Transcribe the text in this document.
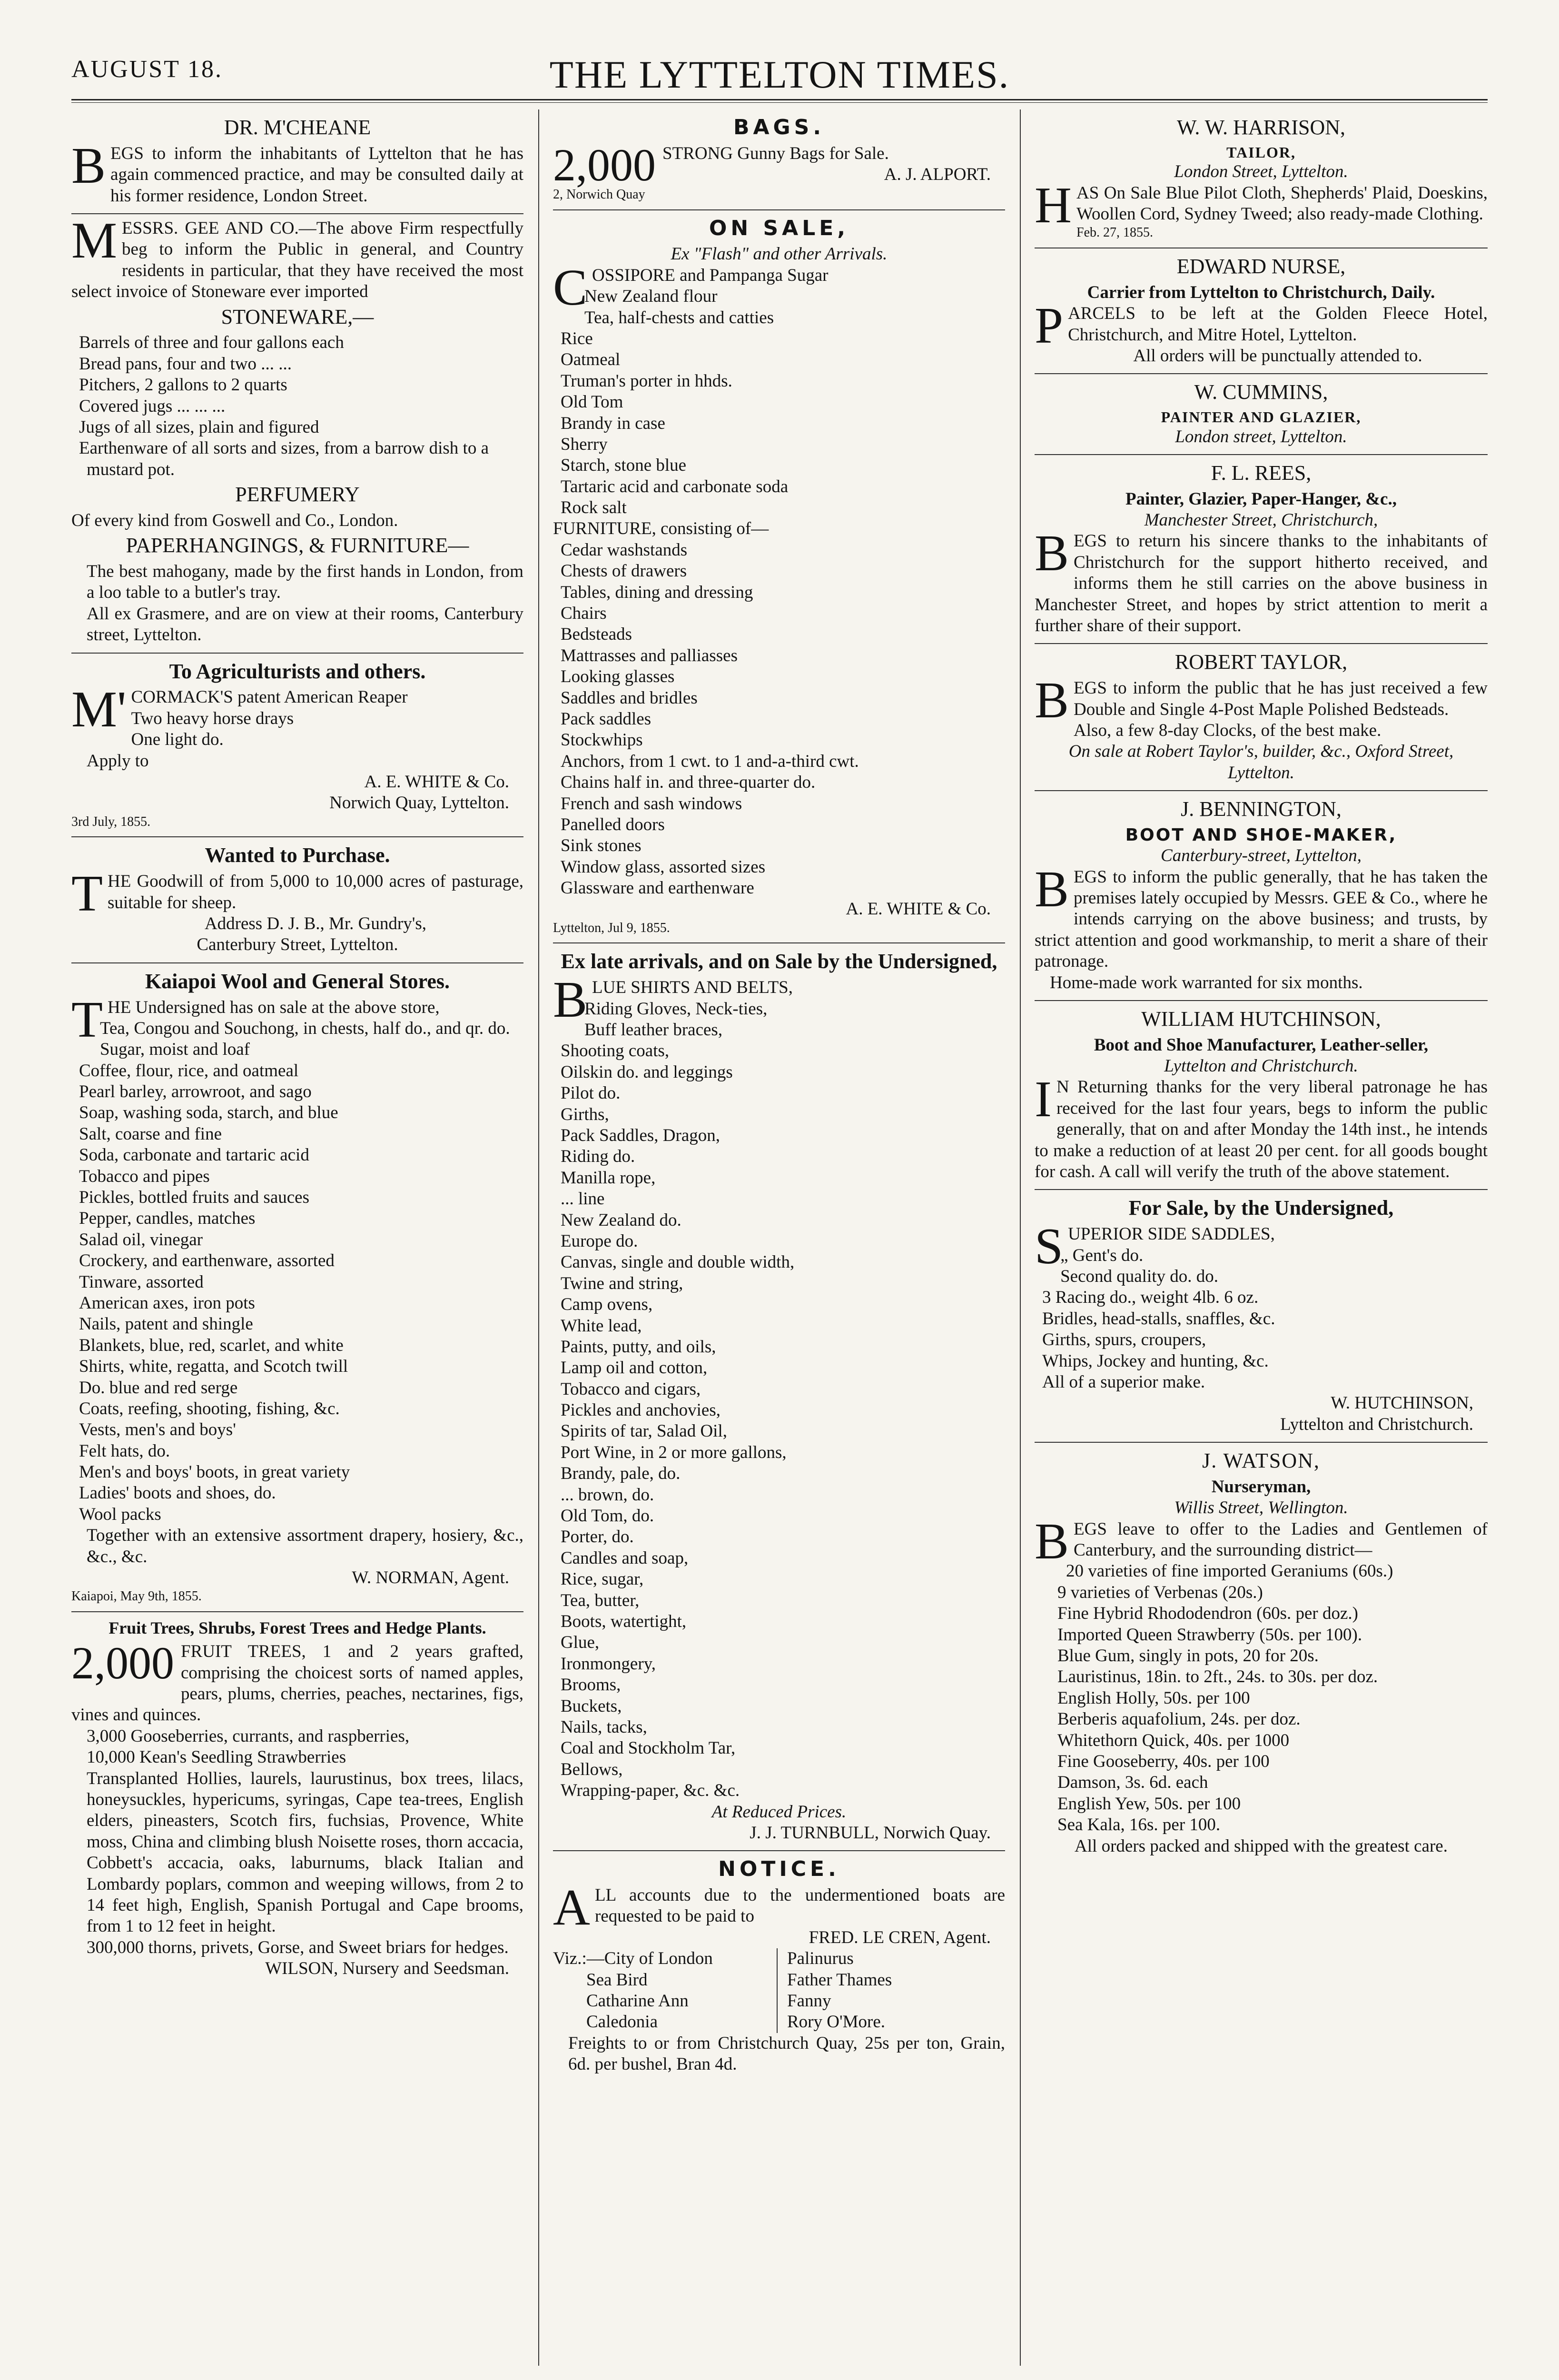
AUGUST 18.	THE LYTTELTON TIMES.
DR. M'CHEANE

BEGS to inform the inhabitants of Lyttelton that he has again commenced practice, and may be consulted daily at his former residence, London Street.

MESSRS. GEE AND CO.—The above Firm respectfully beg to inform the Public in general, and Country residents in particular, that they have received the most select invoice of Stoneware ever imported

STONEWARE,—
Barrels of three and four gallons each
Bread pans, four and two ... ...
Pitchers, 2 gallons to 2 quarts
Covered jugs ... ... ...
Jugs of all sizes, plain and figured
Earthenware of all sorts and sizes, from a barrow dish to a mustard pot.
PERFUMERY

Of every kind from Goswell and Co., London.

PAPERHANGINGS, & FURNITURE—

The best mahogany, made by the first hands in London, from a loo table to a butler's tray.

All ex Grasmere, and are on view at their rooms, Canterbury street, Lyttelton.

To Agriculturists and others.

M'CORMACK'S patent American Reaper

Two heavy horse drays

One light do.

Apply to

A. E. WHITE & Co.
Norwich Quay, Lyttelton.
3rd July, 1855.
Wanted to Purchase.

THE Goodwill of from 5,000 to 10,000 acres of pasturage, suitable for sheep.

Address D. J. B., Mr. Gundry's,
Canterbury Street, Lyttelton.
Kaiapoi Wool and General Stores.

THE Undersigned has on sale at the above store,

Tea, Congou and Souchong, in chests, half do., and qr. do.
Sugar, moist and loaf
Coffee, flour, rice, and oatmeal
Pearl barley, arrowroot, and sago
Soap, washing soda, starch, and blue
Salt, coarse and fine
Soda, carbonate and tartaric acid
Tobacco and pipes
Pickles, bottled fruits and sauces
Pepper, candles, matches
Salad oil, vinegar
Crockery, and earthenware, assorted
Tinware, assorted
American axes, iron pots
Nails, patent and shingle
Blankets, blue, red, scarlet, and white
Shirts, white, regatta, and Scotch twill
Do. blue and red serge
Coats, reefing, shooting, fishing, &c.
Vests, men's and boys'
Felt hats, do.
Men's and boys' boots, in great variety
Ladies' boots and shoes, do.
Wool packs

Together with an extensive assortment drapery, hosiery, &c., &c., &c.

W. NORMAN, Agent.
Kaiapoi, May 9th, 1855.
Fruit Trees, Shrubs, Forest Trees and Hedge Plants.
2,000 FRUIT TREES, 1 and 2 years grafted, comprising the choicest sorts of named apples, pears, plums, cherries, peaches, nectarines, figs, vines and quinces.

3,000 Gooseberries, currants, and raspberries,

10,000 Kean's Seedling Strawberries

Transplanted Hollies, laurels, laurustinus, box trees, lilacs, honeysuckles, hypericums, syringas, Cape tea-trees, English elders, pineasters, Scotch firs, fuchsias, Provence, White moss, China and climbing blush Noisette roses, thorn accacia, Cobbett's accacia, oaks, laburnums, black Italian and Lombardy poplars, common and weeping willows, from 2 to 14 feet high, English, Spanish Portugal and Cape brooms, from 1 to 12 feet in height.

300,000 thorns, privets, Gorse, and Sweet briars for hedges.

WILSON, Nursery and Seedsman.
BAGS.
2,000 STRONG Gunny Bags for Sale.

A. J. ALPORT.
2, Norwich Quay
ON SALE,
Ex "Flash" and other Arrivals.

COSSIPORE and Pampanga Sugar

New Zealand flour
Tea, half-chests and catties
Rice
Oatmeal
Truman's porter in hhds.
Old Tom
Brandy in case
Sherry
Starch, stone blue
Tartaric acid and carbonate soda
Rock salt
FURNITURE, consisting of—
Cedar washstands
Chests of drawers
Tables, dining and dressing
Chairs
Bedsteads
Mattrasses and palliasses
Looking glasses
Saddles and bridles
Pack saddles
Stockwhips
Anchors, from 1 cwt. to 1 and-a-third cwt.
Chains half in. and three-quarter do.
French and sash windows
Panelled doors
Sink stones
Window glass, assorted sizes
Glassware and earthenware
A. E. WHITE & Co.
Lyttelton, Jul 9, 1855.
Ex late arrivals, and on Sale by the Undersigned,

BLUE SHIRTS AND BELTS,

Riding Gloves, Neck-ties,
Buff leather braces,
Shooting coats,
Oilskin do. and leggings
Pilot do.
Girths,
Pack Saddles, Dragon,
Riding do.
Manilla rope,
... line
New Zealand do.
Europe do.
Canvas, single and double width,
Twine and string,
Camp ovens,
White lead,
Paints, putty, and oils,
Lamp oil and cotton,
Tobacco and cigars,
Pickles and anchovies,
Spirits of tar, Salad Oil,
Port Wine, in 2 or more gallons,
Brandy, pale, do.
... brown, do.
Old Tom, do.
Porter, do.
Candles and soap,
Rice, sugar,
Tea, butter,
Boots, watertight,
Glue,
Ironmongery,
Brooms,
Buckets,
Nails, tacks,
Coal and Stockholm Tar,
Bellows,
Wrapping-paper, &c. &c.
At Reduced Prices.
J. J. TURNBULL, Norwich Quay.
NOTICE.

ALL accounts due to the undermentioned boats are requested to be paid to

FRED. LE CREN, Agent.
Viz.:—City of London
Sea Bird
Catharine Ann
Caledonia
Palinurus
Father Thames
Fanny
Rory O'More.

Freights to or from Christchurch Quay, 25s per ton, Grain, 6d. per bushel, Bran 4d.

W. W. HARRISON,
TAILOR,
London Street, Lyttelton.

HAS On Sale Blue Pilot Cloth, Shepherds' Plaid, Doeskins, Woollen Cord, Sydney Tweed; also ready-made Clothing.

Feb. 27, 1855.
EDWARD NURSE,
Carrier from Lyttelton to Christchurch, Daily.

PARCELS to be left at the Golden Fleece Hotel, Christchurch, and Mitre Hotel, Lyttelton.

All orders will be punctually attended to.
W. CUMMINS,
PAINTER AND GLAZIER,
London street, Lyttelton.
F. L. REES,
Painter, Glazier, Paper-Hanger, &c.,
Manchester Street, Christchurch,

BEGS to return his sincere thanks to the inhabitants of Christchurch for the support hitherto received, and informs them he still carries on the above business in Manchester Street, and hopes by strict attention to merit a further share of their support.

ROBERT TAYLOR,

BEGS to inform the public that he has just received a few Double and Single 4-Post Maple Polished Bedsteads.

Also, a few 8-day Clocks, of the best make.

On sale at Robert Taylor's, builder, &c., Oxford Street, Lyttelton.
J. BENNINGTON,
BOOT AND SHOE-MAKER,
Canterbury-street, Lyttelton,

BEGS to inform the public generally, that he has taken the premises lately occupied by Messrs. GEE & Co., where he intends carrying on the above business; and trusts, by strict attention and good workmanship, to merit a share of their patronage.

Home-made work warranted for six months.

WILLIAM HUTCHINSON,
Boot and Shoe Manufacturer, Leather-seller,
Lyttelton and Christchurch.

IN Returning thanks for the very liberal patronage he has received for the last four years, begs to inform the public generally, that on and after Monday the 14th inst., he intends to make a reduction of at least 20 per cent. for all goods bought for cash. A call will verify the truth of the above statement.

For Sale, by the Undersigned,

SUPERIOR SIDE SADDLES,

„ Gent's do.
Second quality do. do.
3 Racing do., weight 4lb. 6 oz.
Bridles, head-stalls, snaffles, &c.
Girths, spurs, croupers,
Whips, Jockey and hunting, &c.
All of a superior make.
W. HUTCHINSON,
Lyttelton and Christchurch.
J. WATSON,
Nurseryman,
Willis Street, Wellington.

BEGS leave to offer to the Ladies and Gentlemen of Canterbury, and the surrounding district—

20 varieties of fine imported Geraniums (60s.)
9 varieties of Verbenas (20s.)
Fine Hybrid Rhododendron (60s. per doz.)
Imported Queen Strawberry (50s. per 100).
Blue Gum, singly in pots, 20 for 20s.
Lauristinus, 18in. to 2ft., 24s. to 30s. per doz.
English Holly, 50s. per 100
Berberis aquafolium, 24s. per doz.
Whitethorn Quick, 40s. per 1000
Fine Gooseberry, 40s. per 100
Damson, 3s. 6d. each
English Yew, 50s. per 100
Sea Kala, 16s. per 100.
All orders packed and shipped with the greatest care.
